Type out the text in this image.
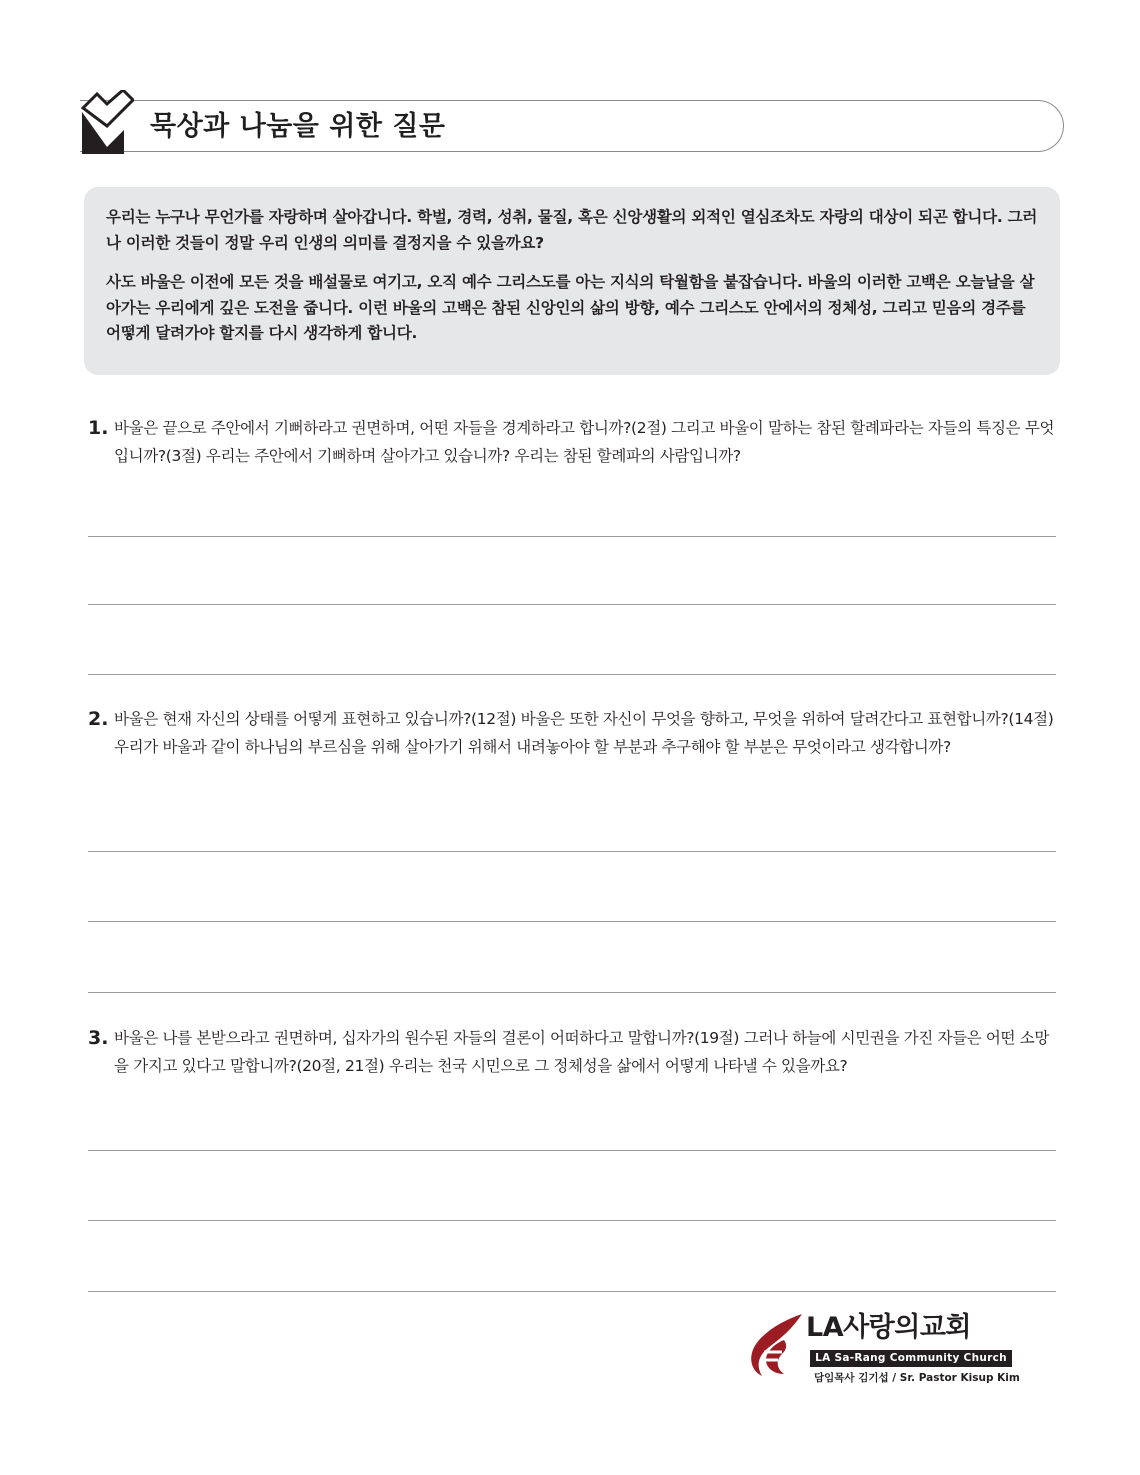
묵상과 나눔을 위한 질문

우리는 누구나 무언가를 자랑하며 살아갑니다. 학벌, 경력, 성취, 물질, 혹은 신앙생활의 외적인 열심조차도 자랑의 대상이 되곤 합니다. 그러나 이러한 것들이 정말 우리 인생의 의미를 결정지을 수 있을까요?

사도 바울은 이전에 모든 것을 배설물로 여기고, 오직 예수 그리스도를 아는 지식의 탁월함을 붙잡습니다. 바울의 이러한 고백은 오늘날을 살아가는 우리에게 깊은 도전을 줍니다. 이런 바울의 고백은 참된 신앙인의 삶의 방향, 예수 그리스도 안에서의 정체성, 그리고 믿음의 경주를 어떻게 달려가야 할지를 다시 생각하게 합니다.

1. 바울은 끝으로 주안에서 기뻐하라고 권면하며, 어떤 자들을 경계하라고 합니까?(2절) 그리고 바울이 말하는 참된 할례파라는 자들의 특징은 무엇입니까?(3절) 우리는 주안에서 기뻐하며 살아가고 있습니까? 우리는 참된 할례파의 사람입니까?

2. 바울은 현재 자신의 상태를 어떻게 표현하고 있습니까?(12절) 바울은 또한 자신이 무엇을 향하고, 무엇을 위하여 달려간다고 표현합니까?(14절) 우리가 바울과 같이 하나님의 부르심을 위해 살아가기 위해서 내려놓아야 할 부분과 추구해야 할 부분은 무엇이라고 생각합니까?

3. 바울은 나를 본받으라고 권면하며, 십자가의 원수된 자들의 결론이 어떠하다고 말합니까?(19절) 그러나 하늘에 시민권을 가진 자들은 어떤 소망을 가지고 있다고 말합니까?(20절, 21절) 우리는 천국 시민으로 그 정체성을 삶에서 어떻게 나타낼 수 있을까요?

LA사랑의교회
LA Sa-Rang Community Church
담임목사 김기섭 / Sr. Pastor Kisup Kim
